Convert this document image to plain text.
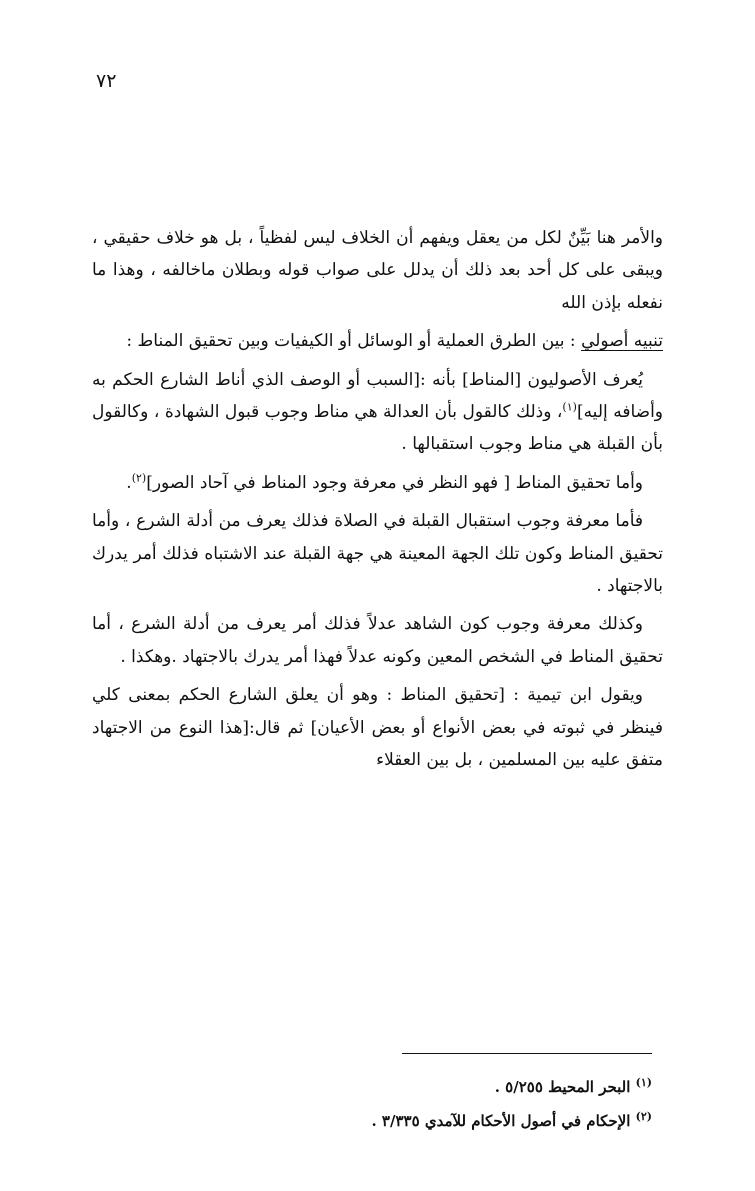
٧٢

والأمر هنا بَيِّنٌ لكل من يعقل ويفهم أن الخلاف ليس لفظياً ، بل هو خلاف حقيقي ، ويبقى على كل أحد بعد ذلك أن يدلل على صواب قوله وبطلان ماخالفه ، وهذا ما نفعله بإذن الله

تنبيه أصولي : بين الطرق العملية أو الوسائل أو الكيفيات وبين تحقيق المناط :

يُعرف الأصوليون [المناط] بأنه :[السبب أو الوصف الذي أناط الشارع الحكم به وأضافه إليه]$^{(١)}$، وذلك كالقول بأن العدالة هي مناط وجوب قبول الشهادة ، وكالقول بأن القبلة هي مناط وجوب استقبالها .

وأما تحقيق المناط [ فهو النظر في معرفة وجود المناط في آحاد الصور]$^{(٢)}$.

فأما معرفة وجوب استقبال القبلة في الصلاة فذلك يعرف من أدلة الشرع ، وأما تحقيق المناط وكون تلك الجهة المعينة هي جهة القبلة عند الاشتباه فذلك أمر يدرك بالاجتهاد .

وكذلك معرفة وجوب كون الشاهد عدلاً فذلك أمر يعرف من أدلة الشرع ، أما تحقيق المناط في الشخص المعين وكونه عدلاً فهذا أمر يدرك بالاجتهاد .وهكذا .

ويقول ابن تيمية : [تحقيق المناط : وهو أن يعلق الشارع الحكم بمعنى كلي فينظر في ثبوته في بعض الأنواع أو بعض الأعيان] ثم قال:[هذا النوع من الاجتهاد متفق عليه بين المسلمين ، بل بين العقلاء

$^{(١)}$ البحر المحيط ٥/٢٥٥ .
$^{(٢)}$ الإحكام في أصول الأحكام للآمدي ٣/٣٣٥ .
